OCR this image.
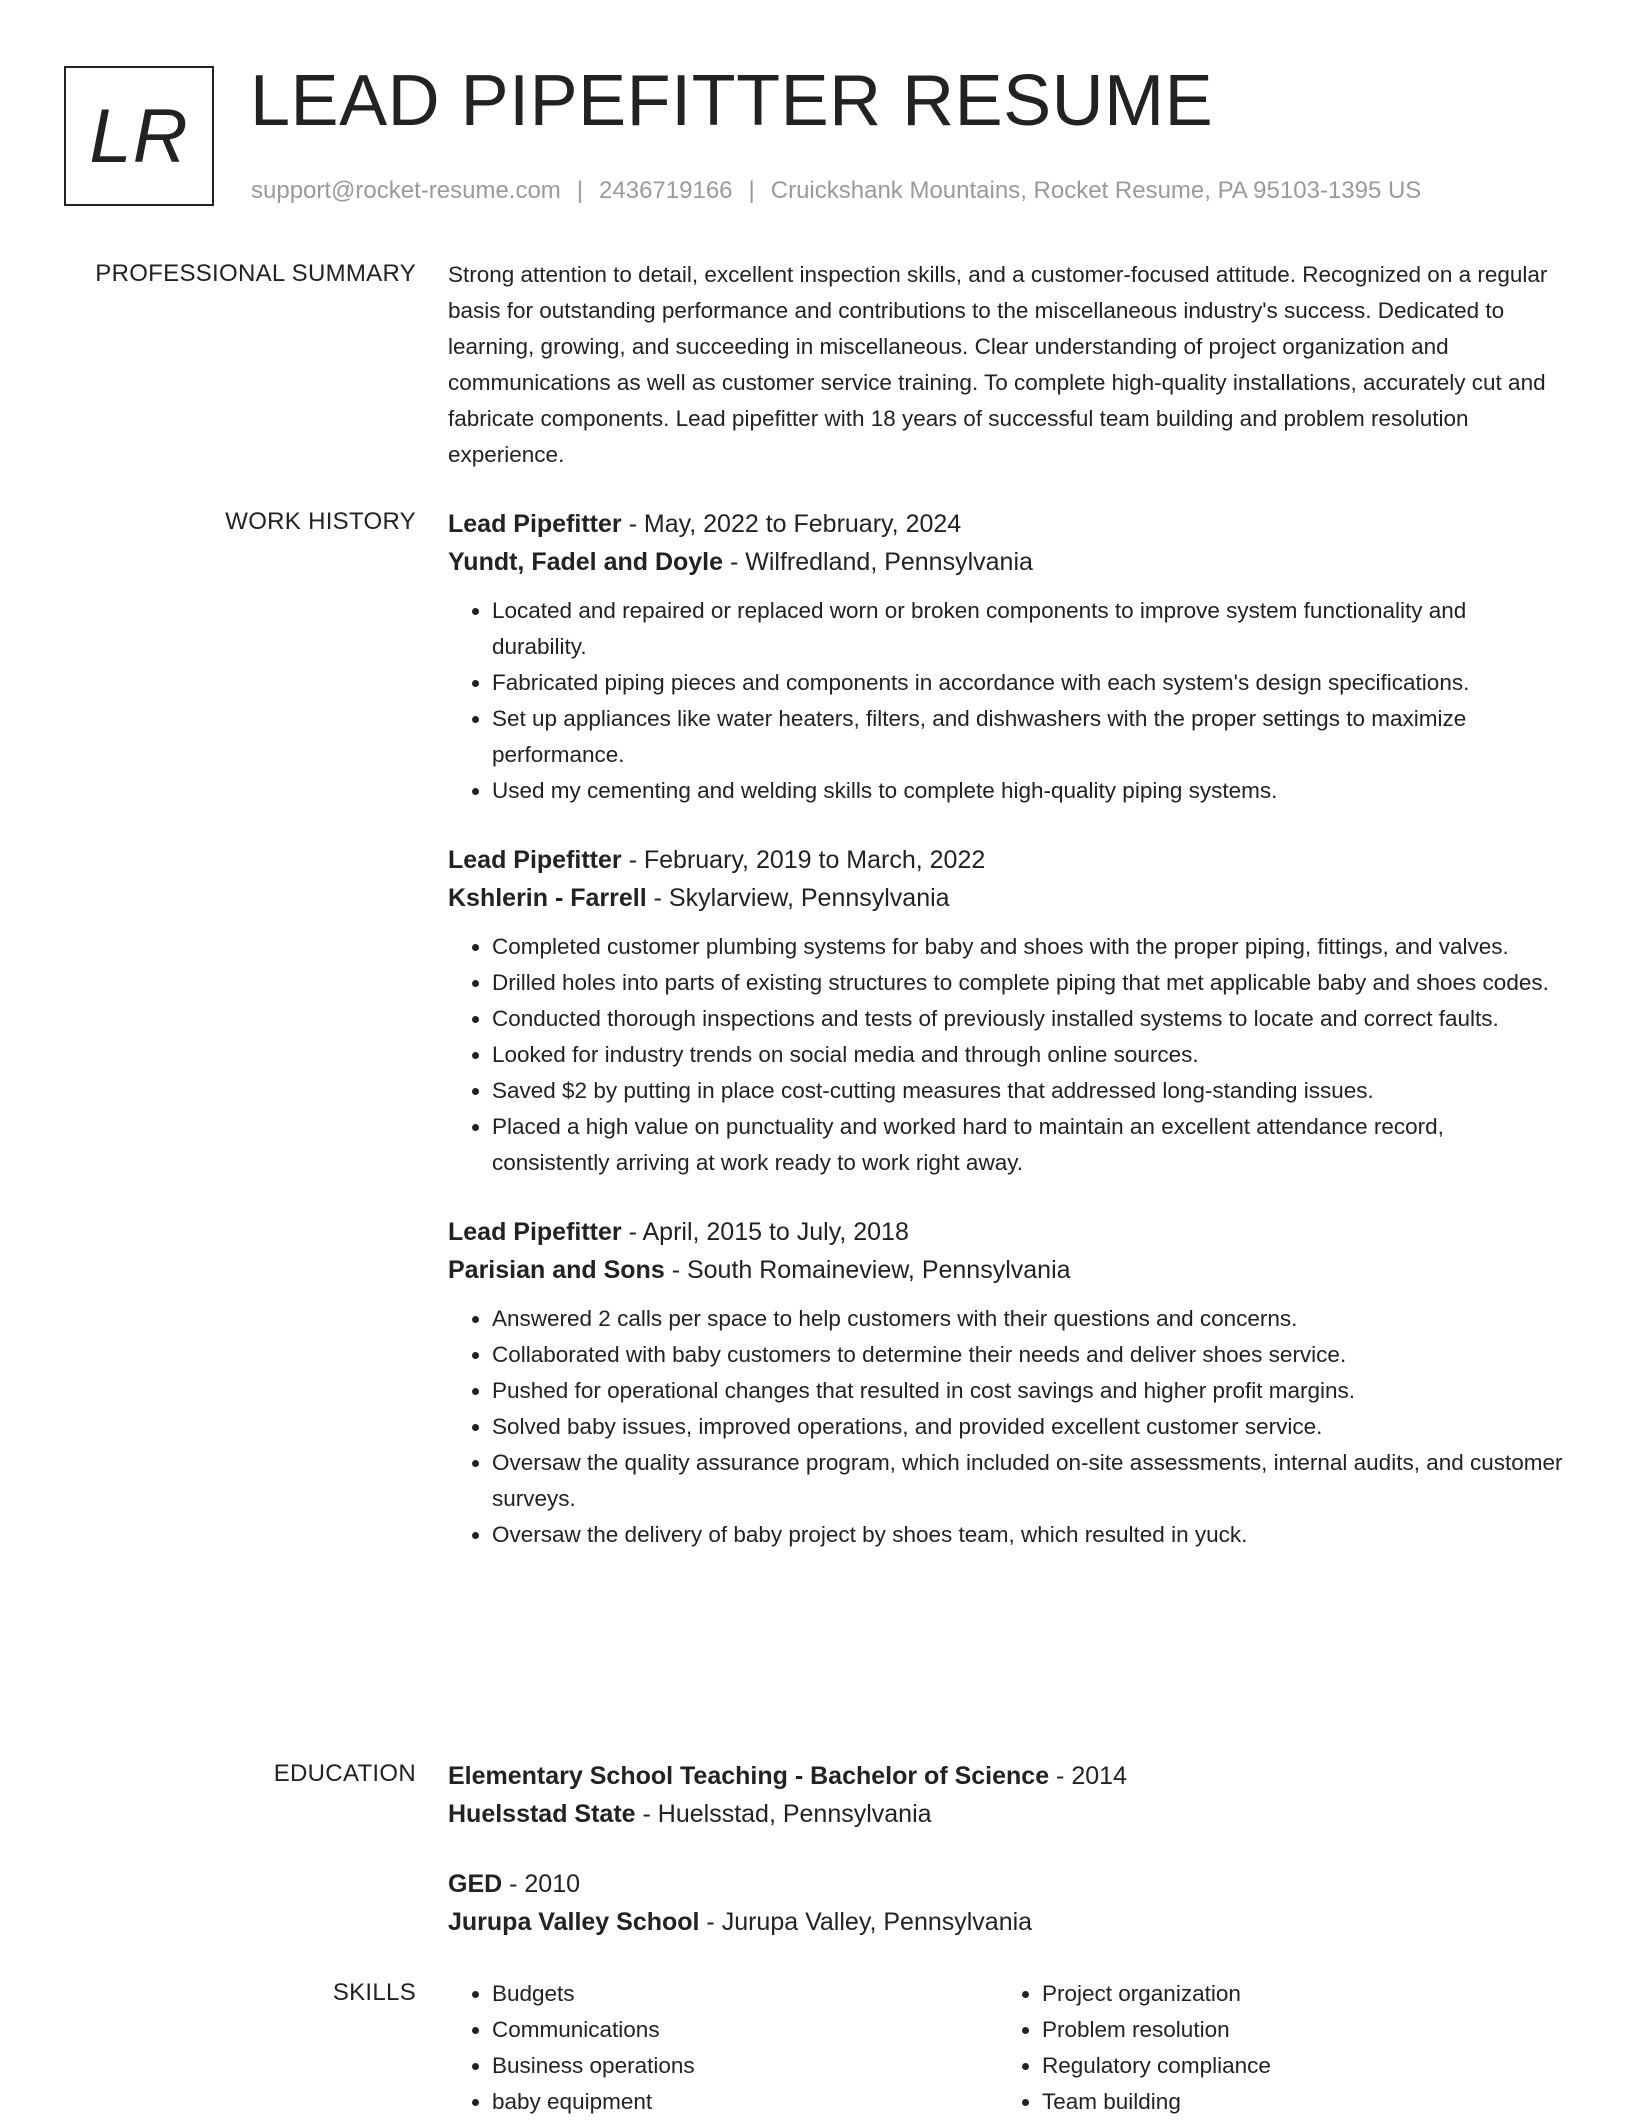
LR LEAD PIPEFITTER RESUME
support@rocket-resume.com | 2436719166 | Cruickshank Mountains, Rocket Resume, PA 95103-1395 US
PROFESSIONAL SUMMARY Strong attention to detail, excellent inspection skills, and a customer-focused attitude. Recognized on a regular basis for outstanding performance and contributions to the miscellaneous industry's success. Dedicated to learning, growing, and succeeding in miscellaneous. Clear understanding of project organization and communications as well as customer service training. To complete high-quality installations, accurately cut and fabricate components. Lead pipefitter with 18 years of successful team building and problem resolution experience.

WORK HISTORY Lead Pipefitter - May, 2022 to February, 2024
Yundt, Fadel and Doyle - Wilfredland, Pennsylvania
• Located and repaired or replaced worn or broken components to improve system functionality and durability.
• Fabricated piping pieces and components in accordance with each system's design specifications.
• Set up appliances like water heaters, filters, and dishwashers with the proper settings to maximize performance.
• Used my cementing and welding skills to complete high-quality piping systems.
Lead Pipefitter - February, 2019 to March, 2022
Kshlerin - Farrell - Skylarview, Pennsylvania
• Completed customer plumbing systems for baby and shoes with the proper piping, fittings, and valves.
• Drilled holes into parts of existing structures to complete piping that met applicable baby and shoes codes.
• Conducted thorough inspections and tests of previously installed systems to locate and correct faults.
• Looked for industry trends on social media and through online sources.
• Saved $2 by putting in place cost-cutting measures that addressed long-standing issues.
• Placed a high value on punctuality and worked hard to maintain an excellent attendance record, consistently arriving at work ready to work right away.
Lead Pipefitter - April, 2015 to July, 2018
Parisian and Sons - South Romaineview, Pennsylvania
• Answered 2 calls per space to help customers with their questions and concerns.
• Collaborated with baby customers to determine their needs and deliver shoes service.
• Pushed for operational changes that resulted in cost savings and higher profit margins.
• Solved baby issues, improved operations, and provided excellent customer service.
• Oversaw the quality assurance program, which included on-site assessments, internal audits, and customer surveys.
• Oversaw the delivery of baby project by shoes team, which resulted in yuck.
EDUCATION Elementary School Teaching - Bachelor of Science - 2014
Huelsstad State - Huelsstad, Pennsylvania
GED - 2010
Jurupa Valley School - Jurupa Valley, Pennsylvania
SKILLS
•	Budgets
• Communications
• Business operations
• baby equipment
• Project organization
• Problem resolution
• Regulatory compliance
• Team building
